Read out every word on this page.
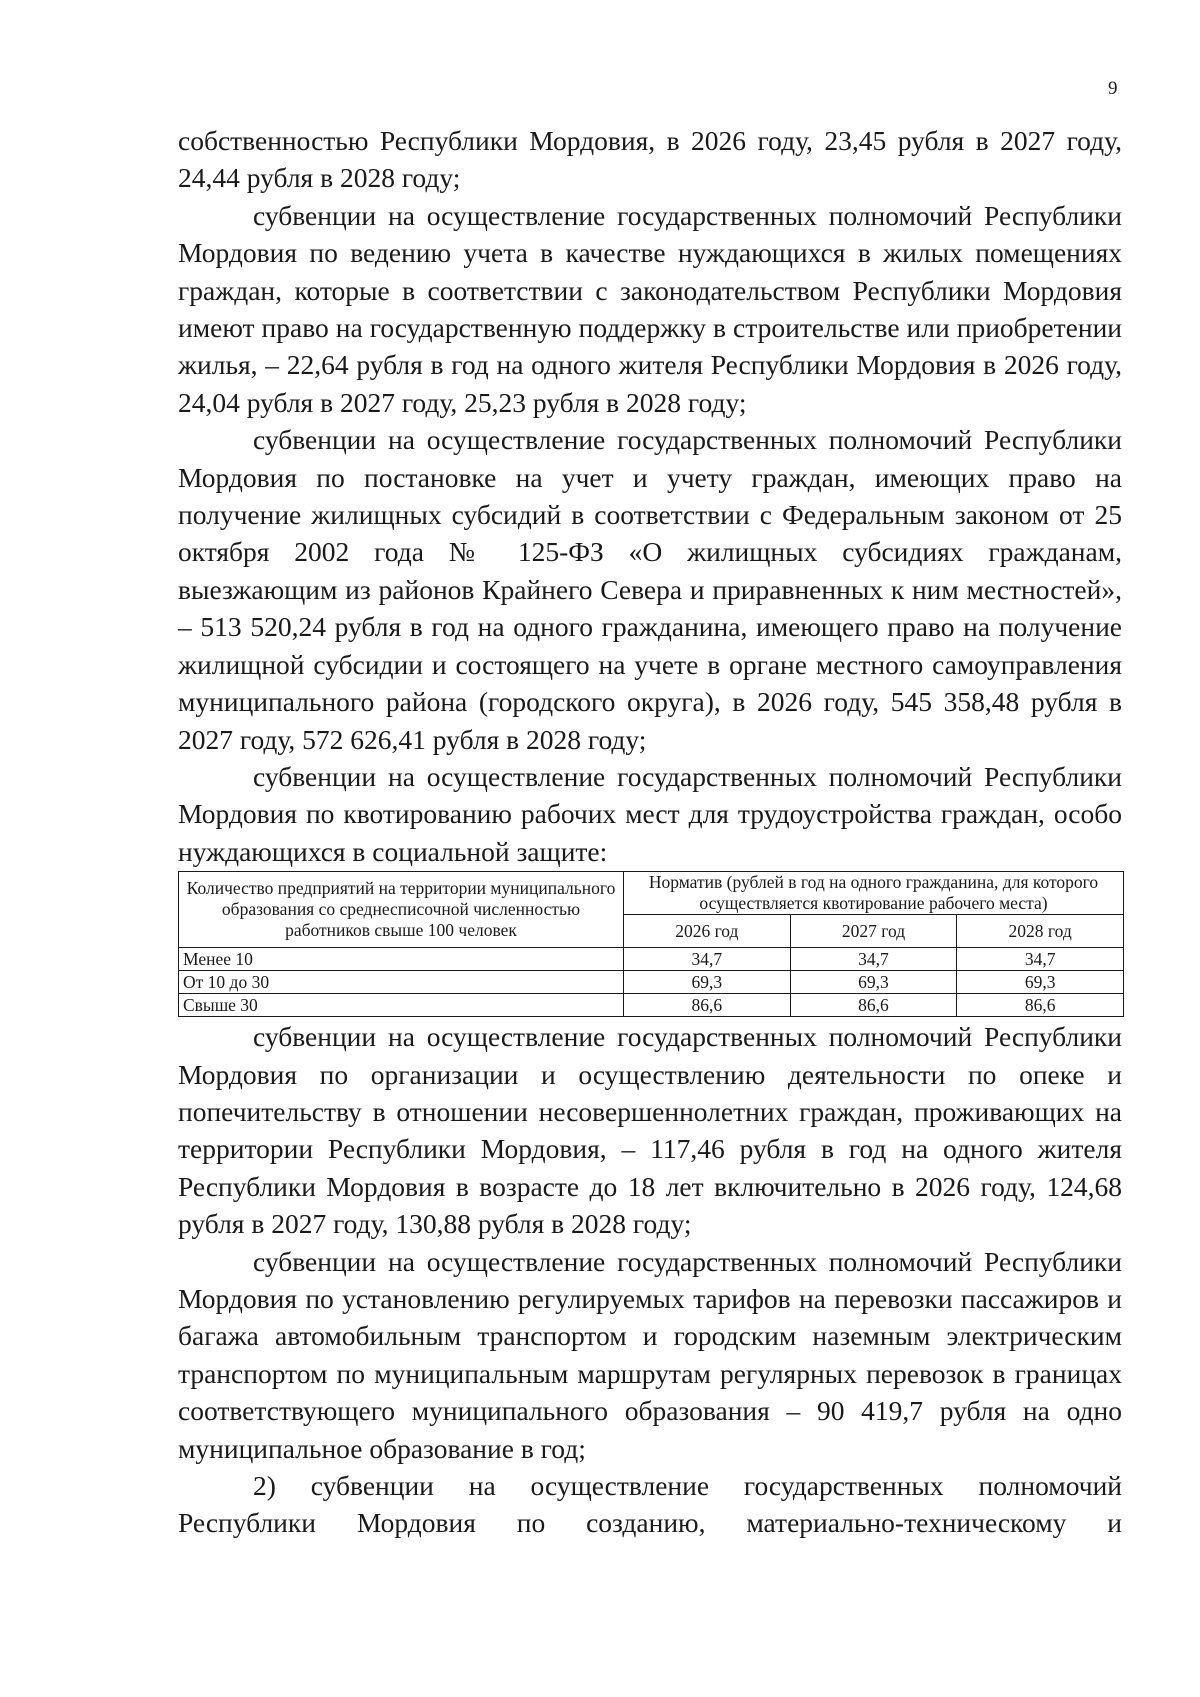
9

собственностью Республики Мордовия, в 2026 году, 23,45 рубля в 2027 году, 24,44 рубля в 2028 году;

субвенции на осуществление государственных полномочий Республики Мордовия по ведению учета в качестве нуждающихся в жилых помещениях граждан, которые в соответствии с законодательством Республики Мордовия имеют право на государственную поддержку в строительстве или приобретении жилья, – 22,64 рубля в год на одного жителя Республики Мордовия в 2026 году, 24,04 рубля в 2027 году, 25,23 рубля в 2028 году;

субвенции на осуществление государственных полномочий Республики Мордовия по постановке на учет и учету граждан, имеющих право на получение жилищных субсидий в соответствии с Федеральным законом от 25 октября 2002 года № 125-ФЗ «О жилищных субсидиях гражданам, выезжающим из районов Крайнего Севера и приравненных к ним местностей», – 513 520,24 рубля в год на одного гражданина, имеющего право на получение жилищной субсидии и состоящего на учете в органе местного самоуправления муниципального района (городского округа), в 2026 году, 545 358,48 рубля в 2027 году, 572 626,41 рубля в 2028 году;

субвенции на осуществление государственных полномочий Республики Мордовия по квотированию рабочих мест для трудоустройства граждан, особо нуждающихся в социальной защите:

Количество предприятий на территории муниципального образования со среднесписочной численностью работников свыше 100 человек	Норматив (рублей в год на одного гражданина, для которого осуществляется квотирование рабочего места)		
	2026 год	2027 год	2028 год
Менее 10	34,7	34,7	34,7
От 10 до 30	69,3	69,3	69,3
Свыше 30	86,6	86,6	86,6

субвенции на осуществление государственных полномочий Республики Мордовия по организации и осуществлению деятельности по опеке и попечительству в отношении несовершеннолетних граждан, проживающих на территории Республики Мордовия, – 117,46 рубля в год на одного жителя Республики Мордовия в возрасте до 18 лет включительно в 2026 году, 124,68 рубля в 2027 году, 130,88 рубля в 2028 году;

субвенции на осуществление государственных полномочий Республики Мордовия по установлению регулируемых тарифов на перевозки пассажиров и багажа автомобильным транспортом и городским наземным электрическим транспортом по муниципальным маршрутам регулярных перевозок в границах соответствующего муниципального образования – 90 419,7 рубля на одно муниципальное образование в год;

2) субвенции на осуществление государственных полномочий Республики Мордовия по созданию, материально-техническому и
